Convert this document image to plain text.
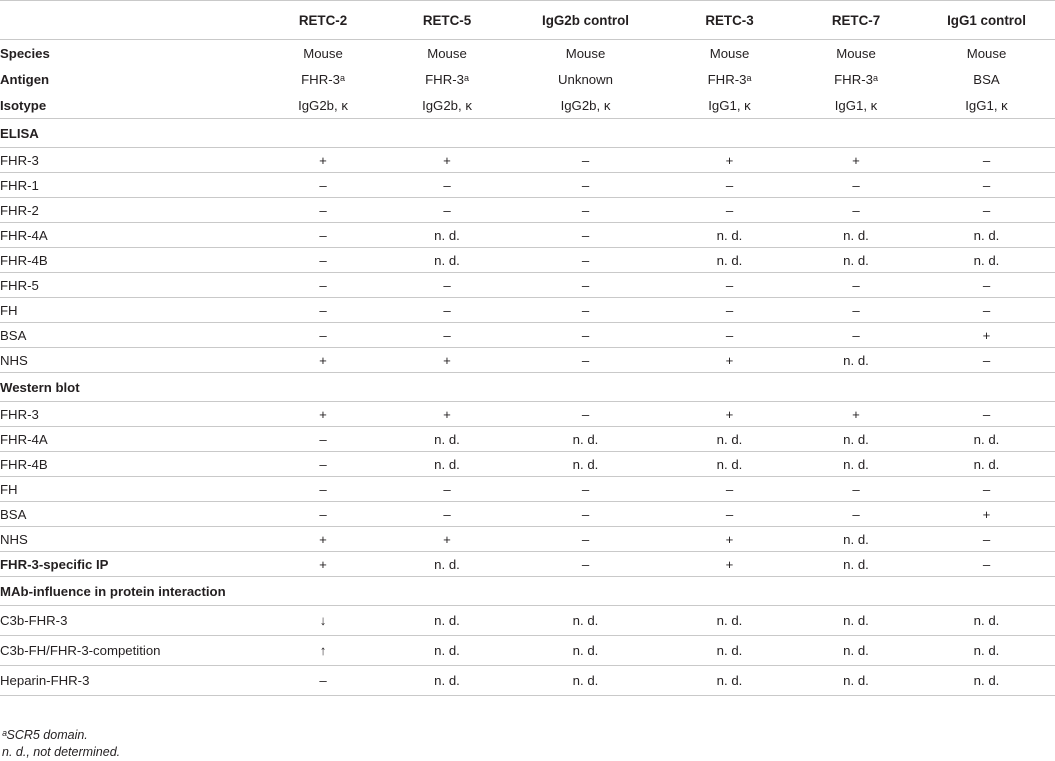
	RETC-2	RETC-5	IgG2b control	RETC-3	RETC-7	IgG1 control
Species	Mouse	Mouse	Mouse	Mouse	Mouse	Mouse
Antigen	FHR-3ᵃ	FHR-3ᵃ	Unknown	FHR-3ᵃ	FHR-3ᵃ	BSA
Isotype	IgG2b, κ	IgG2b, κ	IgG2b, κ	IgG1, κ	IgG1, κ	IgG1, κ
ELISA						
FHR-3	+	+	–	+	+	–
FHR-1	–	–	–	–	–	–
FHR-2	–	–	–	–	–	–
FHR-4A	–	n. d.	–	n. d.	n. d.	n. d.
FHR-4B	–	n. d.	–	n. d.	n. d.	n. d.
FHR-5	–	–	–	–	–	–
FH	–	–	–	–	–	–
BSA	–	–	–	–	–	+
NHS	+	+	–	+	n. d.	–
Western blot						
FHR-3	+	+	–	+	+	–
FHR-4A	–	n. d.	n. d.	n. d.	n. d.	n. d.
FHR-4B	–	n. d.	n. d.	n. d.	n. d.	n. d.
FH	–	–	–	–	–	–
BSA	–	–	–	–	–	+
NHS	+	+	–	+	n. d.	–
FHR-3-specific IP	+	n. d.	–	+	n. d.	–
MAb-influence in protein interaction						
C3b-FHR-3	↓	n. d.	n. d.	n. d.	n. d.	n. d.
C3b-FH/FHR-3-competition	↑	n. d.	n. d.	n. d.	n. d.	n. d.
Heparin-FHR-3	–	n. d.	n. d.	n. d.	n. d.	n. d.
ᵃSCR5 domain.
n. d., not determined.
